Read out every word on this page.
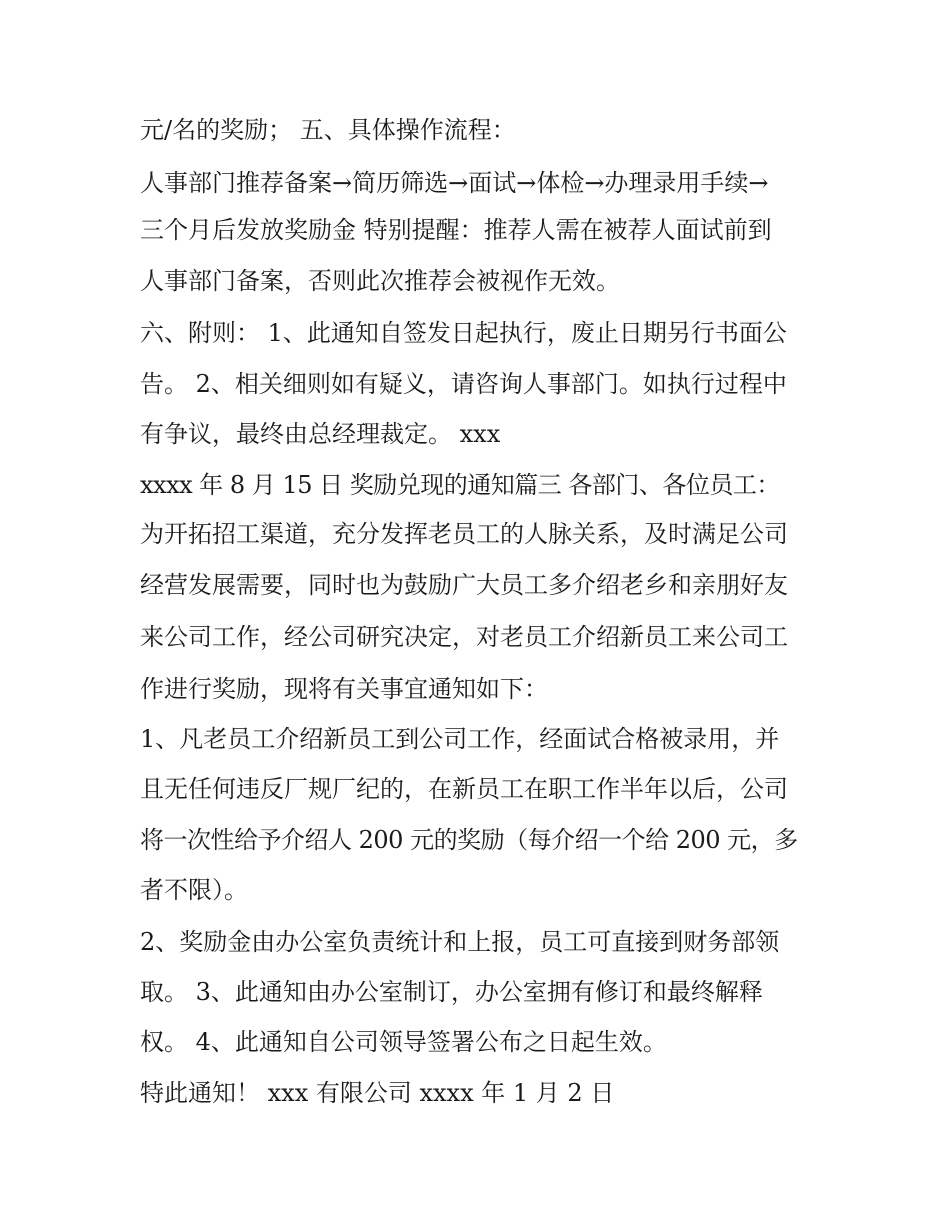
元/名的奖励； 五、具体操作流程：
人事部门推荐备案→简历筛选→面试→体检→办理录用手续→
三个月后发放奖励金 特别提醒：推荐人需在被荐人面试前到
人事部门备案，否则此次推荐会被视作无效。
六、附则： 1、此通知自签发日起执行，废止日期另行书面公
告。 2、相关细则如有疑义，请咨询人事部门。如执行过程中
有争议，最终由总经理裁定。 xxx
xxxx 年 8 月 15 日 奖励兑现的通知篇三 各部门、各位员工：
为开拓招工渠道，充分发挥老员工的人脉关系，及时满足公司
经营发展需要，同时也为鼓励广大员工多介绍老乡和亲朋好友
来公司工作，经公司研究决定，对老员工介绍新员工来公司工
作进行奖励，现将有关事宜通知如下：
1、凡老员工介绍新员工到公司工作，经面试合格被录用，并
且无任何违反厂规厂纪的，在新员工在职工作半年以后，公司
将一次性给予介绍人 200 元的奖励（每介绍一个给 200 元，多
者不限）。
2、奖励金由办公室负责统计和上报，员工可直接到财务部领
取。 3、此通知由办公室制订，办公室拥有修订和最终解释
权。 4、此通知自公司领导签署公布之日起生效。
特此通知！ xxx 有限公司 xxxx 年 1 月 2 日
